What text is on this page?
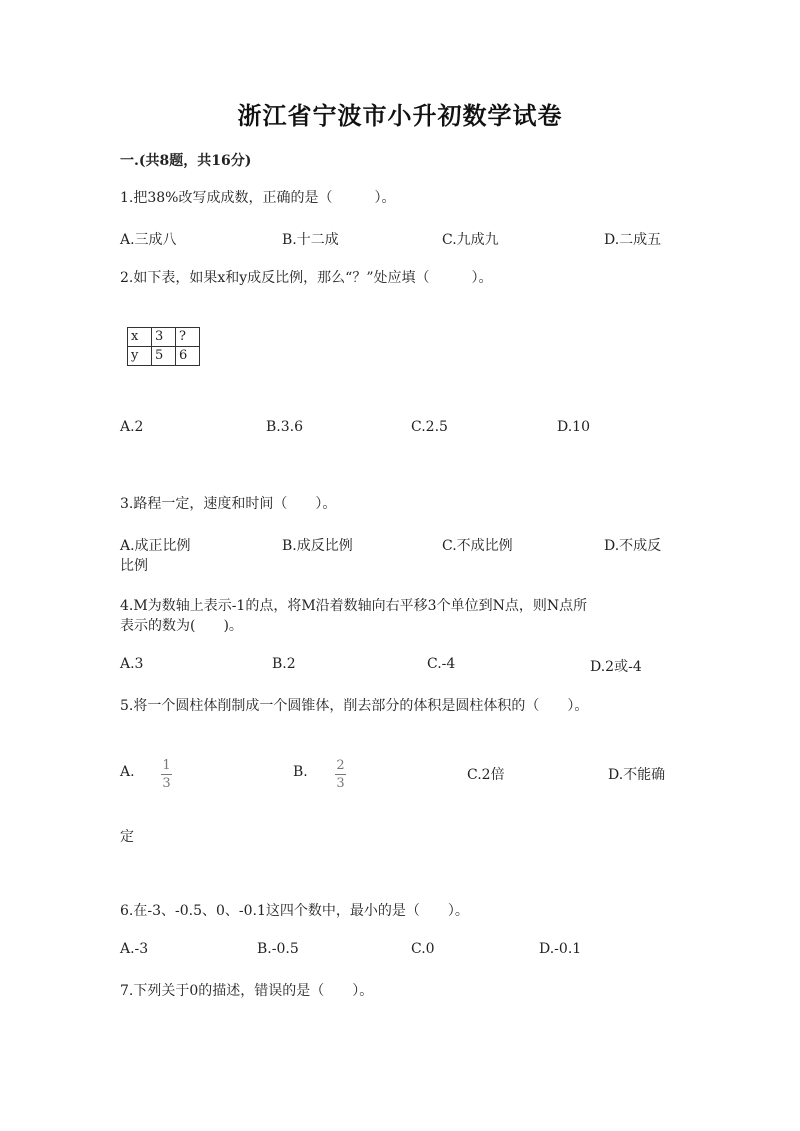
浙江省宁波市小升初数学试卷
一.(共8题，共16分)
1.把38%改写成成数，正确的是（　　　）。
A.三成八	B.十二成	C.九成九	D.二成五
2.如下表，如果x和y成反比例，那么“？”处应填（　　　）。
x	3	?
y	5	6
A.2	B.3.6	C.2.5	D.10
3.路程一定，速度和时间（　　）。
A.成正比例	B.成反比例	C.不成比例	D.不成反
比例
4.M为数轴上表示-1的点，将M沿着数轴向右平移3个单位到N点，则N点所
表示的数为(　　)。
A.3	B.2	C.-4	D.2或-4
5.将一个圆柱体削制成一个圆锥体，削去部分的体积是圆柱体积的（　　）。
A. 1
3
B. 2
3
C.2倍	D.不能确
定
6.在-3、-0.5、0、-0.1这四个数中，最小的是（　　）。
A.-3	B.-0.5	C.0	D.-0.1
7.下列关于0的描述，错误的是（　　）。
